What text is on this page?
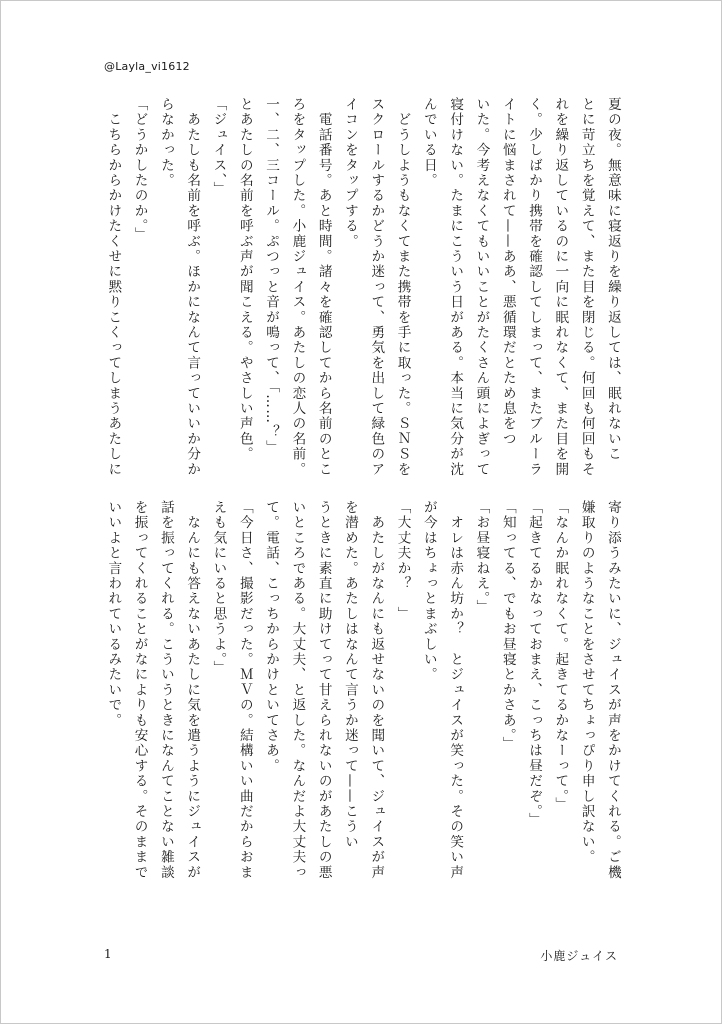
@Layla_vi1612
夏の夜。無意味に寝返りを繰り返しては、眠れないこ
とに苛立ちを覚えて、また目を閉じる。何回も何回もそ
れを繰り返しているのに一向に眠れなくて、また目を開
く。少しばかり携帯を確認してしまって、またブルーラ
イトに悩まされて——ああ、悪循環だとため息をつ
いた。今考えなくてもいいことがたくさん頭によぎって
寝付けない。たまにこういう日がある。本当に気分が沈
んでいる日。
　どうしようもなくてまた携帯を手に取った。ＳＮＳを
スクロールするかどうか迷って、勇気を出して緑色のア
イコンをタップする。
　電話番号。あと時間。諸々を確認してから名前のとこ
ろをタップした。小鹿ジュイス。あたしの恋人の名前。
一、二、三コール。ぷつっと音が鳴って、「……？」
とあたしの名前を呼ぶ声が聞こえる。やさしい声色。
「ジュイス、」
　あたしも名前を呼ぶ。ほかになんて言っていいか分か
らなかった。
「どうかしたのか。」
　こちらからかけたくせに黙りこくってしまうあたしに
寄り添うみたいに、ジュイスが声をかけてくれる。ご機
嫌取りのようなことをさせてちょっぴり申し訳ない。
「なんか眠れなくて。起きてるかなーって。」
「起きてるかなっておまえ、こっちは昼だぞ。」
「知ってる、でもお昼寝とかさあ。」
「お昼寝ねえ。」
　オレは赤ん坊か？　とジュイスが笑った。その笑い声
が今はちょっとまぶしい。
「大丈夫か？　」
　あたしがなんにも返せないのを聞いて、ジュイスが声
を潜めた。あたしはなんて言うか迷って——こうい
うときに素直に助けてって甘えられないのがあたしの悪
いところである。大丈夫、と返した。なんだよ大丈夫っ
て。電話、こっちからかけといてさあ。
「今日さ、撮影だった。ＭＶの。結構いい曲だからおま
えも気にいると思うよ。」
　なんにも答えないあたしに気を遣うようにジュイスが
話を振ってくれる。こういうときになんてことない雑談
を振ってくれることがなによりも安心する。そのままで
いいよと言われているみたいで。
1	小鹿ジュイス
